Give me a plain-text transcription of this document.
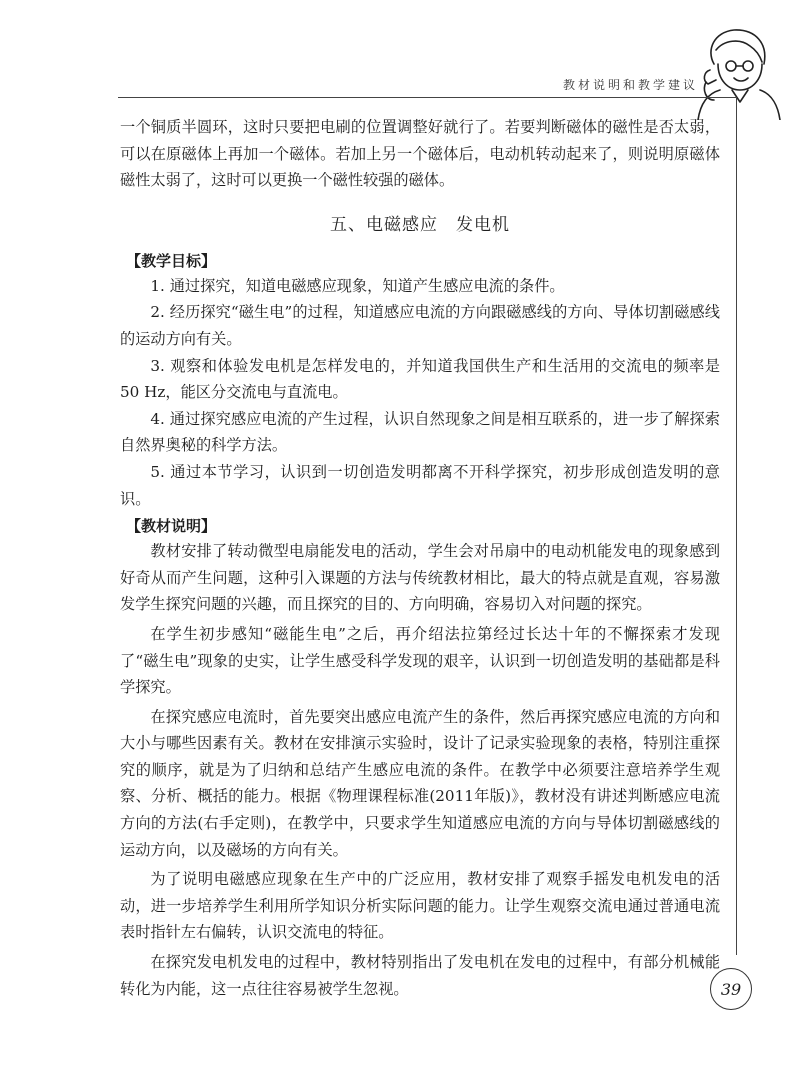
教材说明和教学建议

一个铜质半圆环，这时只要把电刷的位置调整好就行了。若要判断磁体的磁性是否太弱，可以在原磁体上再加一个磁体。若加上另一个磁体后，电动机转动起来了，则说明原磁体磁性太弱了，这时可以更换一个磁性较强的磁体。

五、电磁感应　发电机
【教学目标】

1. 通过探究，知道电磁感应现象，知道产生感应电流的条件。

2. 经历探究“磁生电”的过程，知道感应电流的方向跟磁感线的方向、导体切割磁感线的运动方向有关。

3. 观察和体验发电机是怎样发电的，并知道我国供生产和生活用的交流电的频率是50 Hz，能区分交流电与直流电。

4. 通过探究感应电流的产生过程，认识自然现象之间是相互联系的，进一步了解探索自然界奥秘的科学方法。

5. 通过本节学习，认识到一切创造发明都离不开科学探究，初步形成创造发明的意识。

【教材说明】

教材安排了转动微型电扇能发电的活动，学生会对吊扇中的电动机能发电的现象感到好奇从而产生问题，这种引入课题的方法与传统教材相比，最大的特点就是直观，容易激发学生探究问题的兴趣，而且探究的目的、方向明确，容易切入对问题的探究。

在学生初步感知“磁能生电”之后，再介绍法拉第经过长达十年的不懈探索才发现了“磁生电”现象的史实，让学生感受科学发现的艰辛，认识到一切创造发明的基础都是科学探究。

在探究感应电流时，首先要突出感应电流产生的条件，然后再探究感应电流的方向和大小与哪些因素有关。教材在安排演示实验时，设计了记录实验现象的表格，特别注重探究的顺序，就是为了归纳和总结产生感应电流的条件。在教学中必须要注意培养学生观察、分析、概括的能力。根据《物理课程标准(2011年版)》，教材没有讲述判断感应电流方向的方法(右手定则)，在教学中，只要求学生知道感应电流的方向与导体切割磁感线的运动方向，以及磁场的方向有关。

为了说明电磁感应现象在生产中的广泛应用，教材安排了观察手摇发电机发电的活动，进一步培养学生利用所学知识分析实际问题的能力。让学生观察交流电通过普通电流表时指针左右偏转，认识交流电的特征。

在探究发电机发电的过程中，教材特别指出了发电机在发电的过程中，有部分机械能转化为内能，这一点往往容易被学生忽视。	39
